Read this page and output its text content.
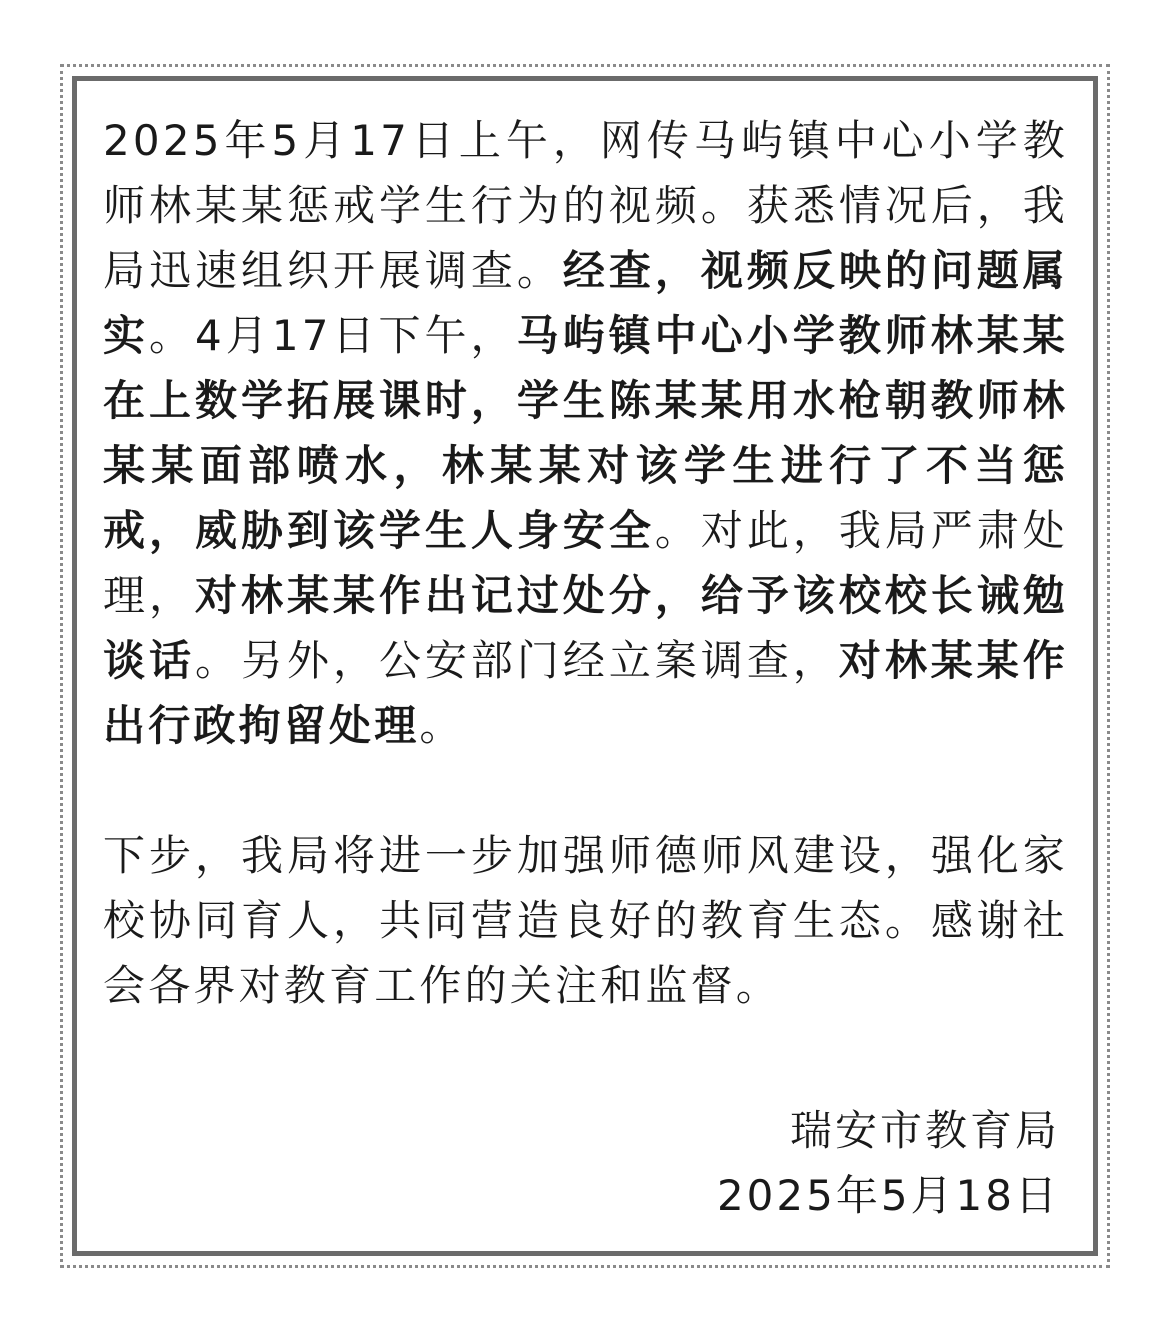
2025年5月17日上午，网传马屿镇中心小学教师林某某惩戒学生行为的视频。获悉情况后，我局迅速组织开展调查。经查，视频反映的问题属实。4月17日下午，马屿镇中心小学教师林某某在上数学拓展课时，学生陈某某用水枪朝教师林某某面部喷水，林某某对该学生进行了不当惩戒，威胁到该学生人身安全。对此，我局严肃处理，对林某某作出记过处分，给予该校校长诫勉谈话。另外，公安部门经立案调查，对林某某作出行政拘留处理。

下步，我局将进一步加强师德师风建设，强化家校协同育人，共同营造良好的教育生态。感谢社会各界对教育工作的关注和监督。

瑞安市教育局
2025年5月18日
